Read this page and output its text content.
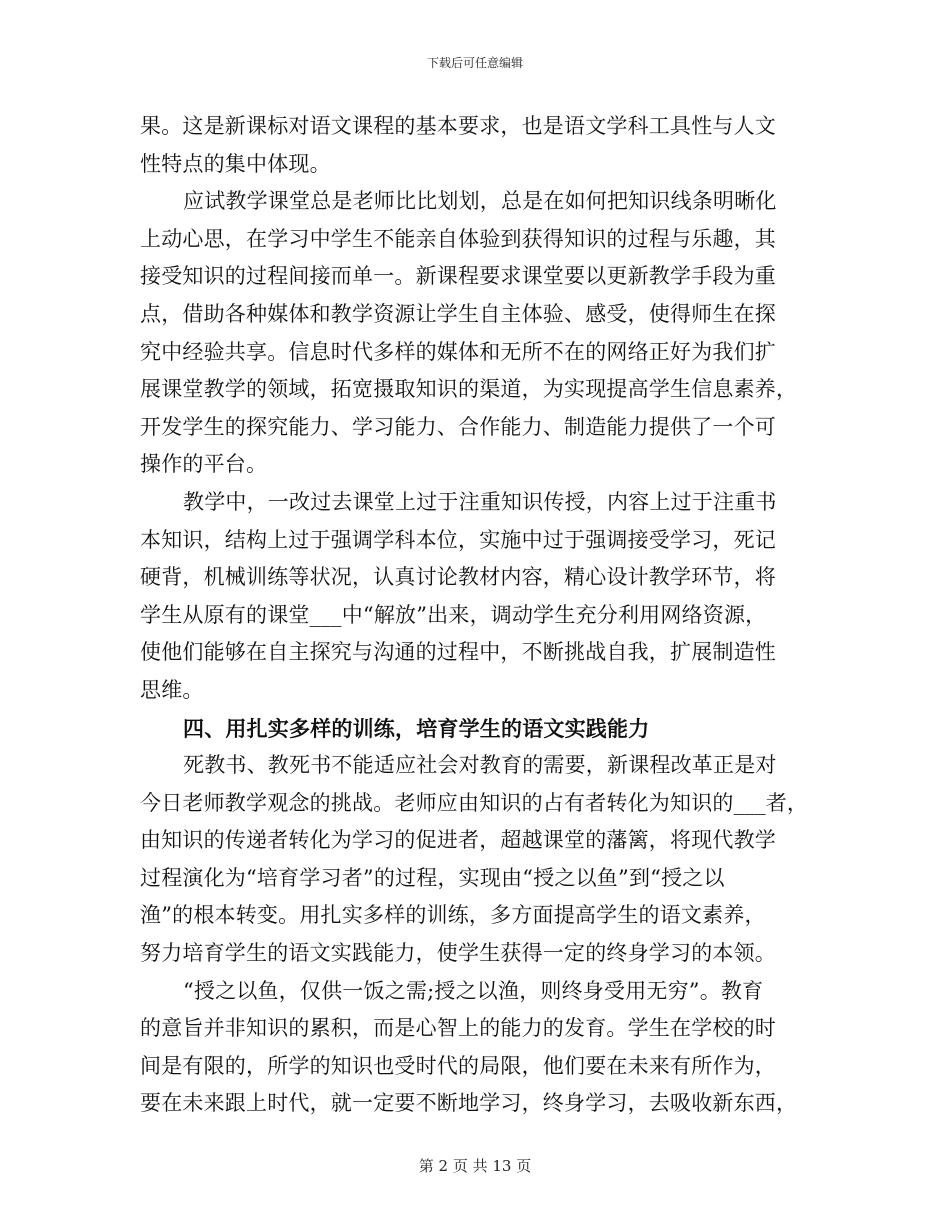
下载后可任意编辑
果。这是新课标对语文课程的基本要求，也是语文学科工具性与人文
性特点的集中体现。
应试教学课堂总是老师比比划划，总是在如何把知识线条明晰化
上动心思，在学习中学生不能亲自体验到获得知识的过程与乐趣，其
接受知识的过程间接而单一。新课程要求课堂要以更新教学手段为重
点，借助各种媒体和教学资源让学生自主体验、感受，使得师生在探
究中经验共享。信息时代多样的媒体和无所不在的网络正好为我们扩
展课堂教学的领域，拓宽摄取知识的渠道，为实现提高学生信息素养，
开发学生的探究能力、学习能力、合作能力、制造能力提供了一个可
操作的平台。
教学中，一改过去课堂上过于注重知识传授，内容上过于注重书
本知识，结构上过于强调学科本位，实施中过于强调接受学习，死记
硬背，机械训练等状况，认真讨论教材内容，精心设计教学环节，将
学生从原有的课堂___中“解放”出来，调动学生充分利用网络资源，
使他们能够在自主探究与沟通的过程中，不断挑战自我，扩展制造性
思维。
四、用扎实多样的训练，培育学生的语文实践能力
死教书、教死书不能适应社会对教育的需要，新课程改革正是对
今日老师教学观念的挑战。老师应由知识的占有者转化为知识的___者，
由知识的传递者转化为学习的促进者，超越课堂的藩篱，将现代教学
过程演化为“培育学习者”的过程，实现由“授之以鱼”到“授之以
渔”的根本转变。用扎实多样的训练，多方面提高学生的语文素养，
努力培育学生的语文实践能力，使学生获得一定的终身学习的本领。
“授之以鱼，仅供一饭之需;授之以渔，则终身受用无穷”。教育
的意旨并非知识的累积，而是心智上的能力的发育。学生在学校的时
间是有限的，所学的知识也受时代的局限，他们要在未来有所作为，
要在未来跟上时代，就一定要不断地学习，终身学习，去吸收新东西，
第 2 页 共 13 页
